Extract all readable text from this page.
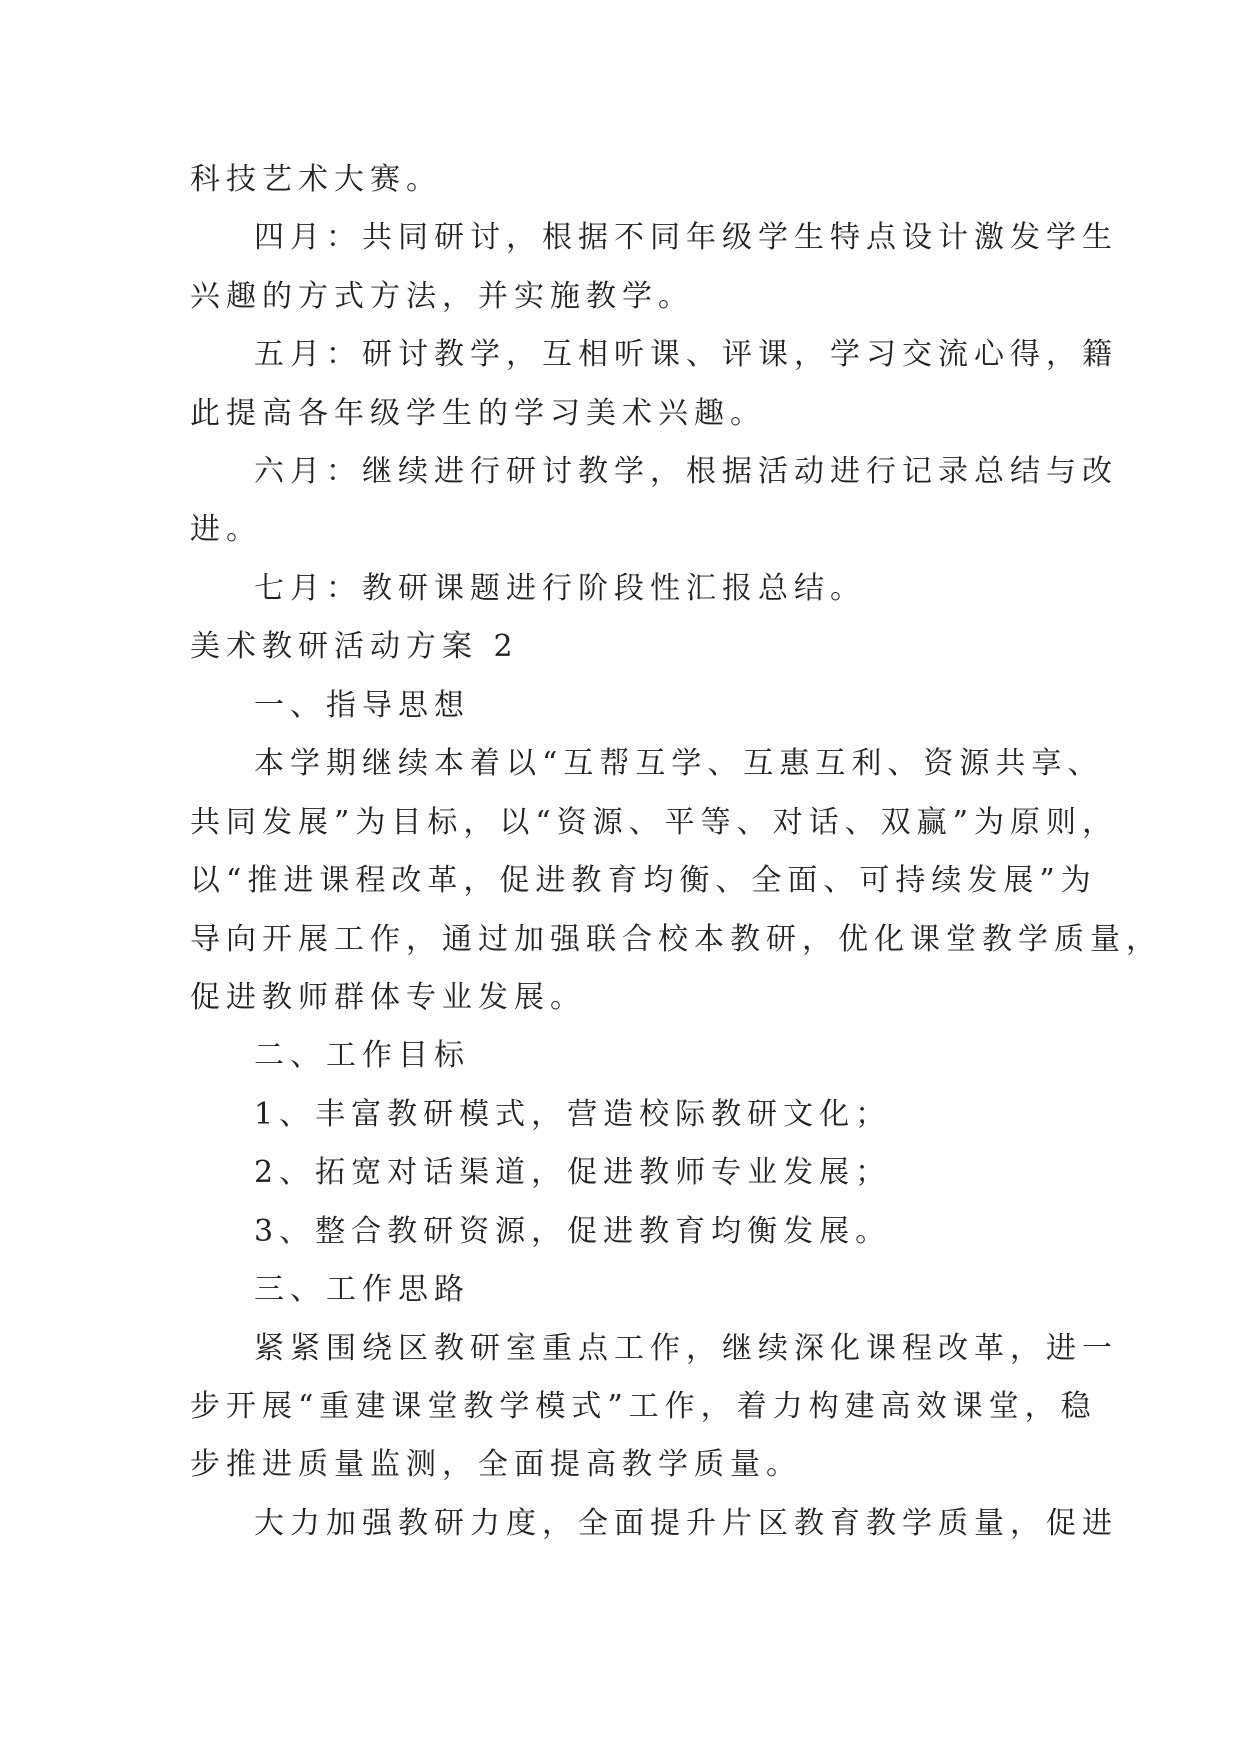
科技艺术大赛。
四月：共同研讨，根据不同年级学生特点设计激发学生
兴趣的方式方法，并实施教学。
五月：研讨教学，互相听课、评课，学习交流心得，籍
此提高各年级学生的学习美术兴趣。
六月：继续进行研讨教学，根据活动进行记录总结与改
进。
七月：教研课题进行阶段性汇报总结。
美术教研活动方案 2
一、指导思想
本学期继续本着以“互帮互学、互惠互利、资源共享、
共同发展”为目标，以“资源、平等、对话、双赢”为原则，
以“推进课程改革，促进教育均衡、全面、可持续发展”为
导向开展工作，通过加强联合校本教研，优化课堂教学质量，
促进教师群体专业发展。
二、工作目标
1、丰富教研模式，营造校际教研文化；
2、拓宽对话渠道，促进教师专业发展；
3、整合教研资源，促进教育均衡发展。
三、工作思路
紧紧围绕区教研室重点工作，继续深化课程改革，进一
步开展“重建课堂教学模式”工作，着力构建高效课堂，稳
步推进质量监测，全面提高教学质量。
大力加强教研力度，全面提升片区教育教学质量，促进
